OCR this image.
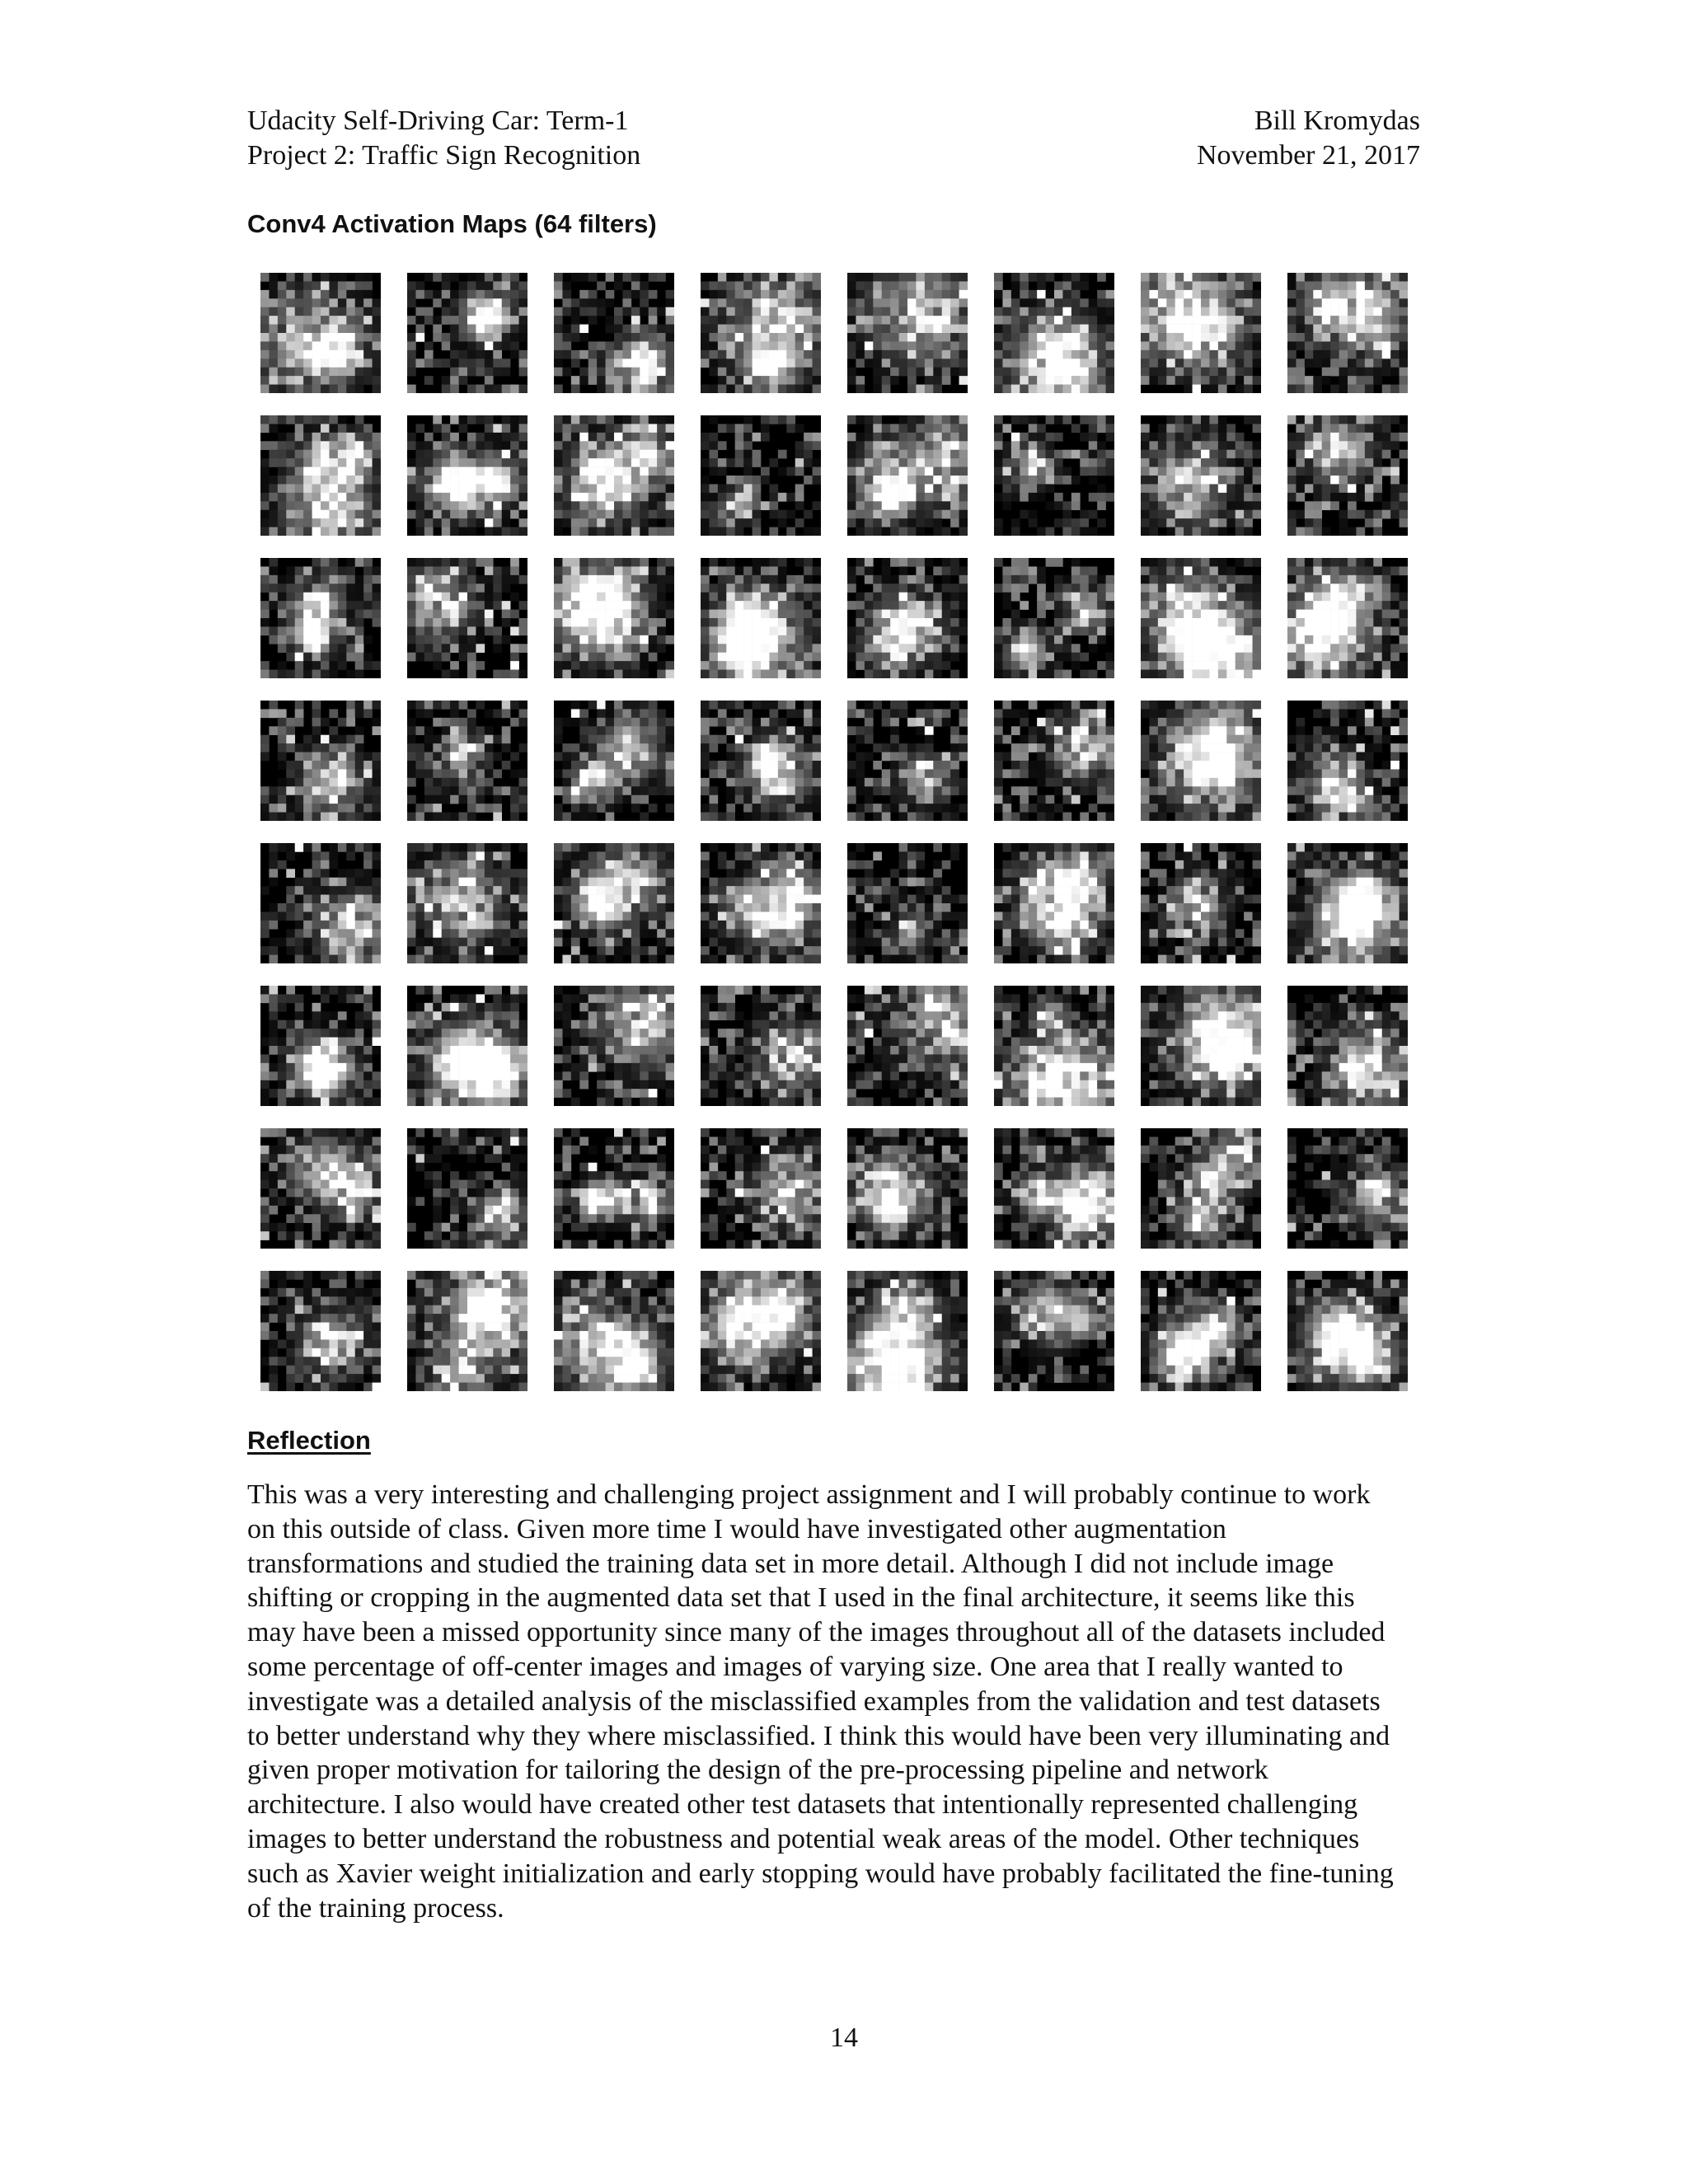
Udacity Self-Driving Car: Term-1
Project 2: Traffic Sign Recognition
Bill Kromydas
November 21, 2017
Conv4 Activation Maps (64 filters)
Reflection
This was a very interesting and challenging project assignment and I will probably continue to work
on this outside of class. Given more time I would have investigated other augmentation
transformations and studied the training data set in more detail. Although I did not include image
shifting or cropping in the augmented data set that I used in the final architecture, it seems like this
may have been a missed opportunity since many of the images throughout all of the datasets included
some percentage of off-center images and images of varying size. One area that I really wanted to
investigate was a detailed analysis of the misclassified examples from the validation and test datasets
to better understand why they where misclassified. I think this would have been very illuminating and
given proper motivation for tailoring the design of the pre-processing pipeline and network
architecture. I also would have created other test datasets that intentionally represented challenging
images to better understand the robustness and potential weak areas of the model. Other techniques
such as Xavier weight initialization and early stopping would have probably facilitated the fine-tuning
of the training process.
14
